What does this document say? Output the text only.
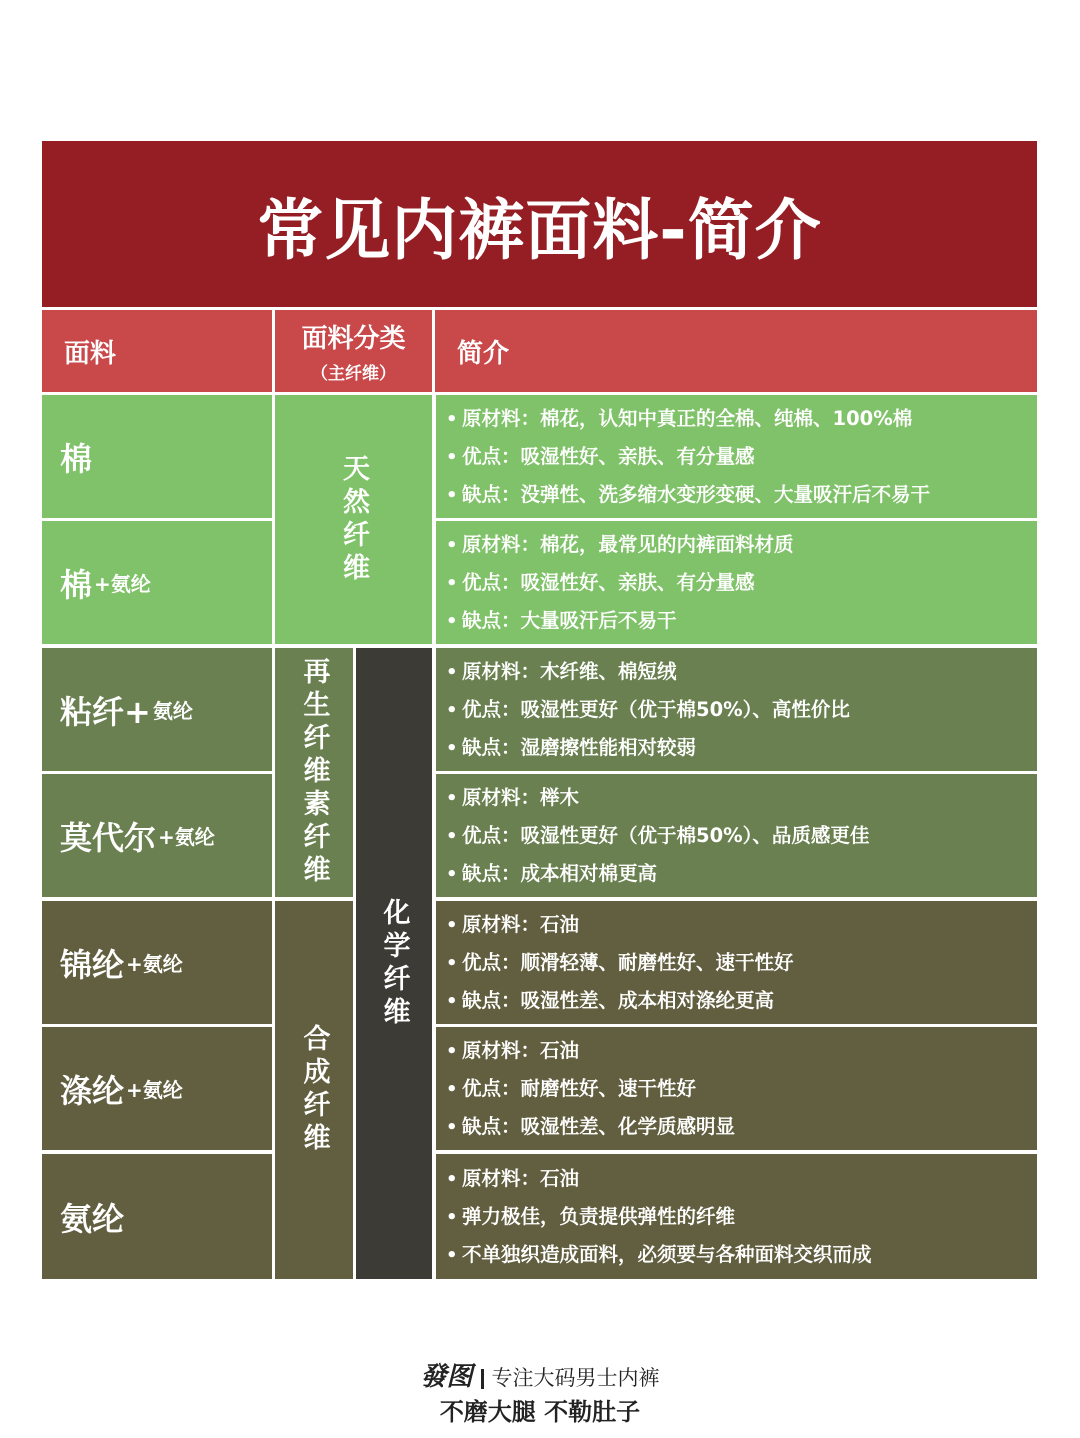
常见内裤面料-简介
面料	面料分类
（主纤维）
简介
棉
棉 +氨纶
粘纤+ 氨纶
莫代尔 +氨纶
锦纶 +氨纶
涤纶 +氨纶
氨纶
天然纤维
再生纤维素纤维
合成纤维
化学纤维
• 原材料：棉花，认知中真正的全棉、纯棉、100%棉
• 优点：吸湿性好、亲肤、有分量感
• 缺点：没弹性、洗多缩水变形变硬、大量吸汗后不易干
• 原材料：棉花，最常见的内裤面料材质
• 优点：吸湿性好、亲肤、有分量感
• 缺点：大量吸汗后不易干
• 原材料：木纤维、棉短绒
• 优点：吸湿性更好（优于棉50%）、高性价比
• 缺点：湿磨擦性能相对较弱
• 原材料：榉木
• 优点：吸湿性更好（优于棉50%）、品质感更佳
• 缺点：成本相对棉更高
• 原材料：石油
• 优点：顺滑轻薄、耐磨性好、速干性好
• 缺点：吸湿性差、成本相对涤纶更高
• 原材料：石油
• 优点：耐磨性好、速干性好
• 缺点：吸湿性差、化学质感明显
• 原材料：石油
• 弹力极佳，负责提供弹性的纤维
• 不单独织造成面料，必须要与各种面料交织而成
發图 专注大码男士内裤
不磨大腿 不勒肚子
